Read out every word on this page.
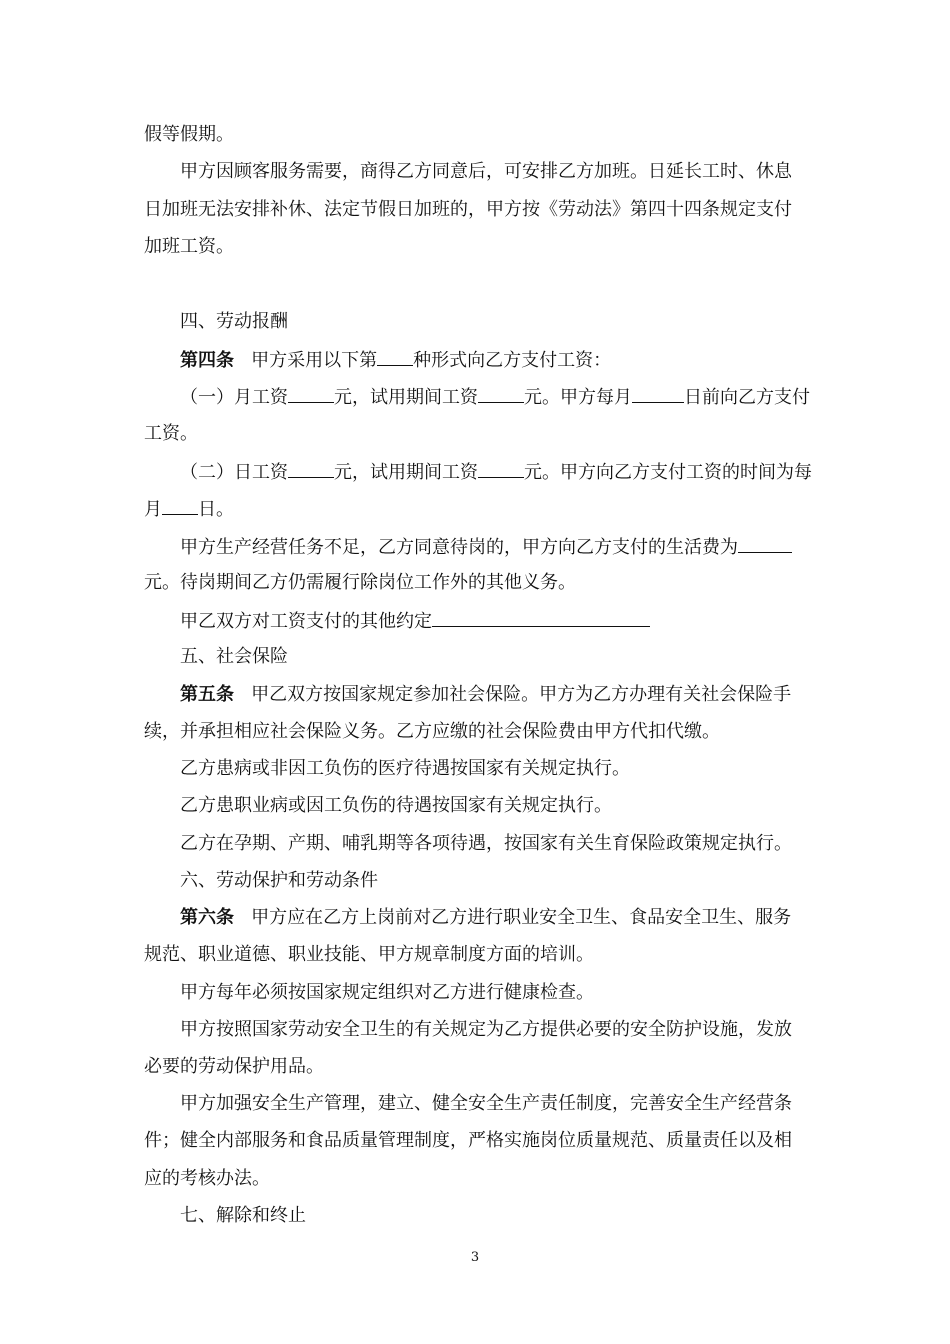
假等假期。
甲方因顾客服务需要，商得乙方同意后，可安排乙方加班。日延长工时、休息
日加班无法安排补休、法定节假日加班的，甲方按《劳动法》第四十四条规定支付
加班工资。
四、劳动报酬
第四条 甲方采用以下第 种形式向乙方支付工资：
（一）月工资	元，试用期间工资	元。甲方每月	日前向乙方支付
工资。
（二）日工资	元，试用期间工资	元。甲方向乙方支付工资的时间为每
月 日。
甲方生产经营任务不足，乙方同意待岗的，甲方向乙方支付的生活费为
元。待岗期间乙方仍需履行除岗位工作外的其他义务。
甲乙双方对工资支付的其他约定
五、社会保险
第五条 甲乙双方按国家规定参加社会保险。甲方为乙方办理有关社会保险手
续，并承担相应社会保险义务。乙方应缴的社会保险费由甲方代扣代缴。
乙方患病或非因工负伤的医疗待遇按国家有关规定执行。
乙方患职业病或因工负伤的待遇按国家有关规定执行。
乙方在孕期、产期、哺乳期等各项待遇，按国家有关生育保险政策规定执行。
六、劳动保护和劳动条件
第六条 甲方应在乙方上岗前对乙方进行职业安全卫生、食品安全卫生、服务
规范、职业道德、职业技能、甲方规章制度方面的培训。
甲方每年必须按国家规定组织对乙方进行健康检查。
甲方按照国家劳动安全卫生的有关规定为乙方提供必要的安全防护设施，发放
必要的劳动保护用品。
甲方加强安全生产管理，建立、健全安全生产责任制度，完善安全生产经营条
件；健全内部服务和食品质量管理制度，严格实施岗位质量规范、质量责任以及相
应的考核办法。
七、解除和终止
3
